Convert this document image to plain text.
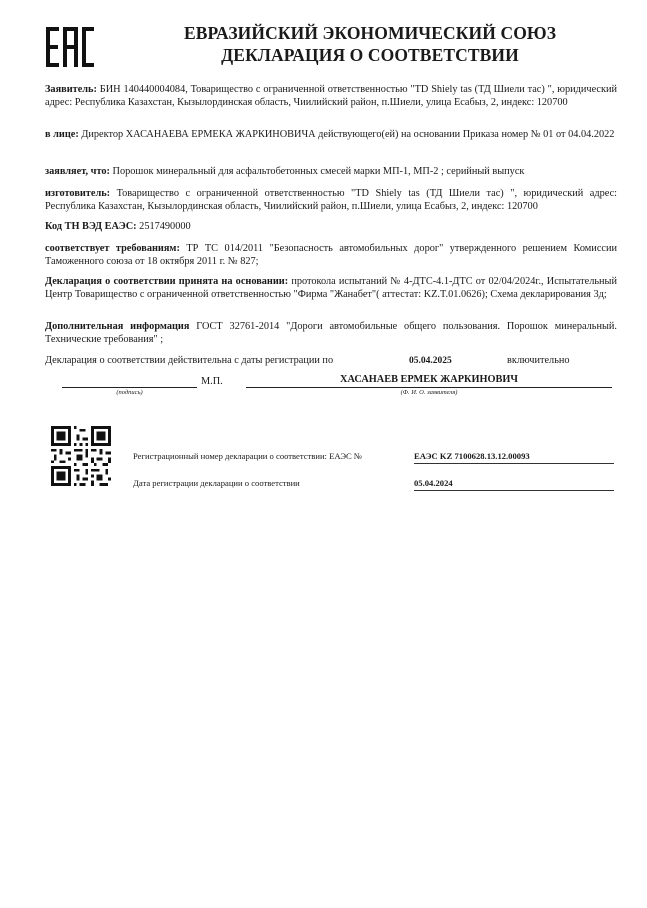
ЕВРАЗИЙСКИЙ ЭКОНОМИЧЕСКИЙ СОЮЗ
ДЕКЛАРАЦИЯ О СООТВЕТСТВИИ
Заявитель: БИН 140440004084, Товарищество с ограниченной ответственностью "TD Shiely tas (ТД Шиели тас) ", юридический адрес: Республика Казахстан, Кызылординская область, Чиилийский район, п.Шиели, улица Есабыз, 2, индекс: 120700
в лице: Директор ХАСАНАЕВА ЕРМЕКА ЖАРКИНОВИЧА действующего(ей) на основании Приказа номер № 01 от 04.04.2022
заявляет, что: Порошок минеральный для асфальтобетонных смесей марки МП-1, МП-2 ; серийный выпуск
изготовитель: Товарищество с ограниченной ответственностью "TD Shiely tas (ТД Шиели тас) ", юридический адрес: Республика Казахстан, Кызылординская область, Чиилийский район, п.Шиели, улица Есабыз, 2, индекс: 120700
Код ТН ВЭД ЕАЭС: 2517490000
соответствует требованиям: ТР ТС 014/2011 "Безопасность автомобильных дорог" утвержденного решением Комиссии Таможенного союза от 18 октября 2011 г. № 827;
Декларация о соответствии принята на основании: протокола испытаний № 4-ДТС-4.1-ДТС от 02/04/2024г., Испытательный Центр Товарищество с ограниченной ответственностью "Фирма "Жанабет"( аттестат: KZ.T.01.0626); Схема декларирования 3д;
Дополнительная информация ГОСТ 32761-2014 "Дороги автомобильные общего пользования. Порошок минеральный. Технические требования" ;
Декларация о соответствии действительна с даты регистрации по	05.04.2025	включительно
М.П.	ХАСАНАЕВ ЕРМЕК ЖАРКИНОВИЧ
(подпись)	(Ф. И. О. заявителя)
Регистрационный номер декларации о соответствии: ЕАЭС №	ЕАЭС KZ 7100628.13.12.00093
Дата регистрации декларации о соответствии	05.04.2024
